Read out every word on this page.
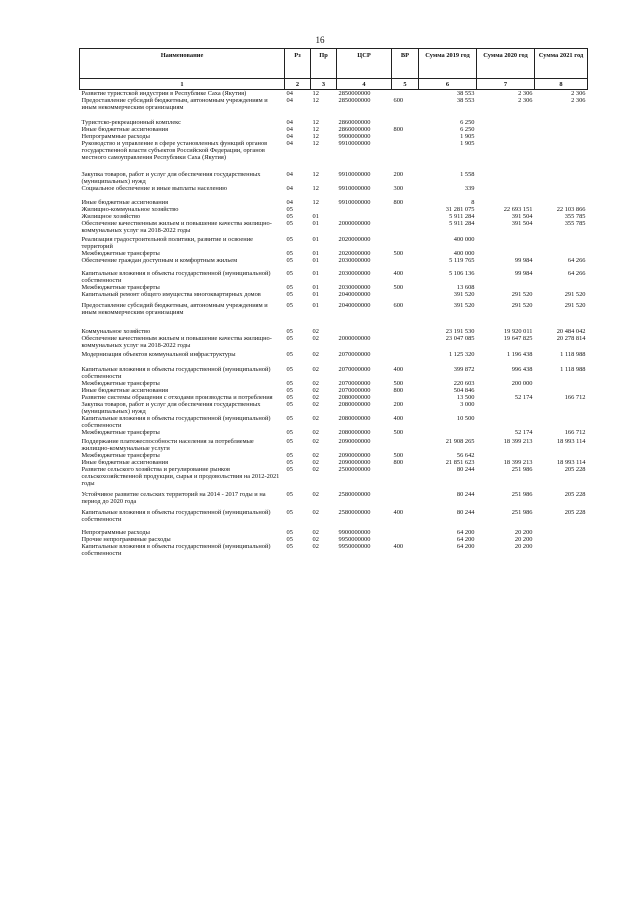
16
Наименование	Рз	Пр	ЦСР	ВР	Сумма 2019 год	Сумма 2020 год	Сумма 2021 год
1	2	3	4	5	6	7	8
Развитие туристской индустрии в Республике Саха (Якутия)	04	12	2850000000		38 553	2 306	2 306
Предоставление субсидий бюджетным, автономным учреждениям и иным некоммерческим организациям	04	12	2850000000	600	38 553	2 306	2 306

Туристско-рекреационный комплекс	04	12	2860000000		6 250		
Иные бюджетные ассигнования	04	12	2860000000	800	6 250		
Непрограммные расходы	04	12	9900000000		1 905		
Руководство и управление в сфере установленных функций органов государственной власти субъектов Российской Федерации, органов местного самоуправления Республики Саха (Якутия)	04	12	9910000000		1 905		

Закупка товаров, работ и услуг для обеспечения государственных (муниципальных) нужд	04	12	9910000000	200	1 558		
Социальное обеспечение и иные выплаты населению	04	12	9910000000	300	339		

Иные бюджетные ассигнования	04	12	9910000000	800	8		
Жилищно-коммунальное хозяйство	05				31 281 075	22 693 151	22 103 866
Жилищное хозяйство	05	01			5 911 284	391 504	355 785
Обеспечение качественным жильем и повышение качества жилищно-коммунальных услуг на 2018-2022 годы	05	01	2000000000		5 911 284	391 504	355 785

Реализация градостроительной политики, развитие и освоение территорий	05	01	2020000000		400 000		
Межбюджетные трансферты	05	01	2020000000	500	400 000		
Обеспечение граждан доступным и комфортным жильем	05	01	2030000000		5 119 765	99 984	64 266

Капитальные вложения в объекты государственной (муниципальной) собственности	05	01	2030000000	400	5 106 136	99 984	64 266
Межбюджетные трансферты	05	01	2030000000	500	13 608		
Капитальный ремонт общего имущества многоквартирных домов	05	01	2040000000		391 520	291 520	291 520

Предоставление субсидий бюджетным, автономным учреждениям и иным некоммерческим организациям	05	01	2040000000	600	391 520	291 520	291 520

Коммунальное хозяйство	05	02			23 191 530	19 920 011	20 484 042
Обеспечение качественным жильем и повышение качества жилищно-коммунальных услуг на 2018-2022 годы	05	02	2000000000		23 047 085	19 647 825	20 278 814

Модернизация объектов коммунальной инфраструктуры	05	02	2070000000		1 125 320	1 196 438	1 118 988

Капитальные вложения в объекты государственной (муниципальной) собственности	05	02	2070000000	400	399 872	996 438	1 118 988
Межбюджетные трансферты	05	02	2070000000	500	220 603	200 000	
Иные бюджетные ассигнования	05	02	2070000000	800	504 846		
Развитие системы обращения с отходами производства и потребления	05	02	2080000000		13 500	52 174	166 712
Закупка товаров, работ и услуг для обеспечения государственных (муниципальных) нужд	05	02	2080000000	200	3 000		
Капитальные вложения в объекты государственной (муниципальной) собственности	05	02	2080000000	400	10 500		
Межбюджетные трансферты	05	02	2080000000	500		52 174	166 712

Поддержание платежеспособности населения за потребляемые жилищно-коммунальные услуги	05	02	2090000000		21 908 265	18 399 213	18 993 114
Межбюджетные трансферты	05	02	2090000000	500	56 642		
Иные бюджетные ассигнования	05	02	2090000000	800	21 851 623	18 399 213	18 993 114
Развитие сельского хозяйства и регулирование рынков сельскохозяйственной продукции, сырья и продовольствия на 2012-2021 годы	05	02	2500000000		80 244	251 986	205 228

Устойчивое развитие сельских территорий на 2014 - 2017 годы и на период до 2020 года	05	02	2580000000		80 244	251 986	205 228

Капитальные вложения в объекты государственной (муниципальной) собственности	05	02	2580000000	400	80 244	251 986	205 228

Непрограммные расходы	05	02	9900000000		64 200	20 200	
Прочие непрограммные расходы	05	02	9950000000		64 200	20 200	
Капитальные вложения в объекты государственной (муниципальной) собственности	05	02	9950000000	400	64 200	20 200	
